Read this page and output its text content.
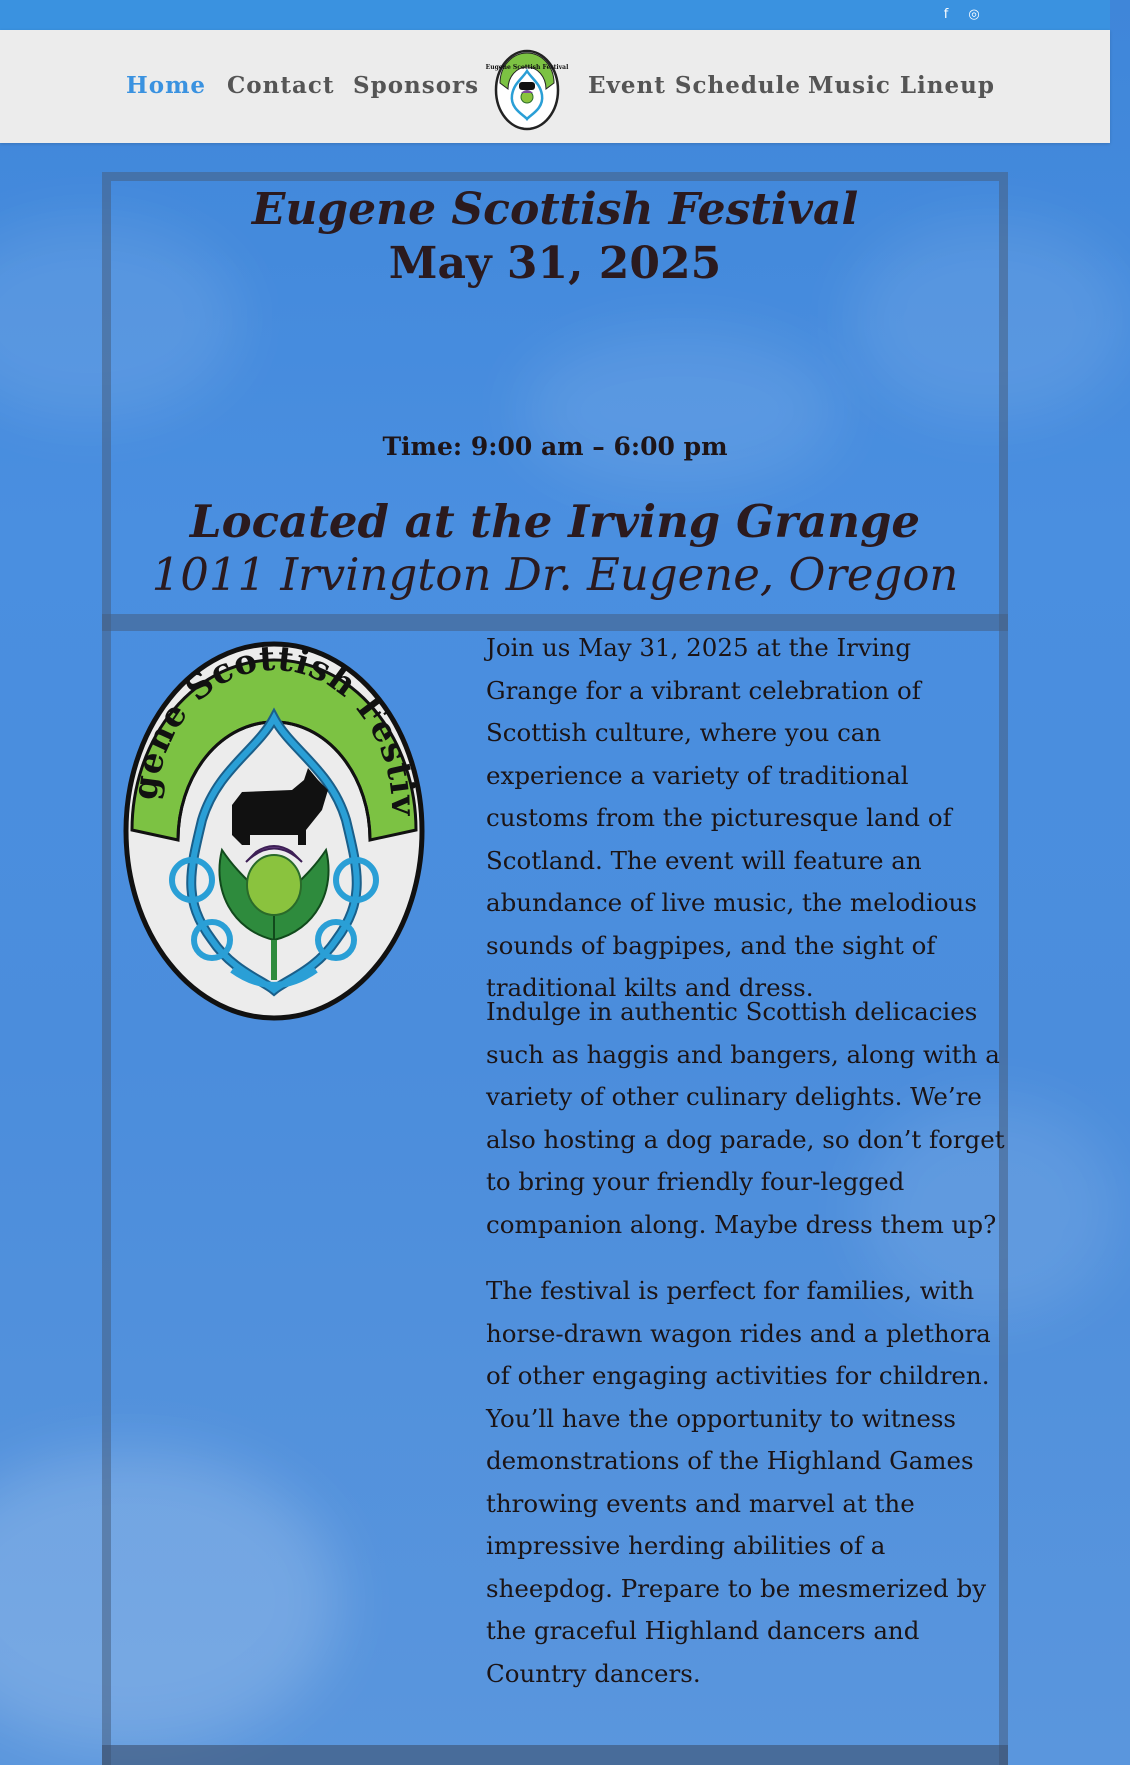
f	◎
Home Contact Sponsors
Eugene Scottish Festival
Event Schedule Music Lineup
Eugene Scottish Festival
May 31, 2025
Time: 9:00 am – 6:00 pm
Located at the Irving Grange
1011 Irvington Dr. Eugene, Oregon
gene Scottish Festiv

Join us May 31, 2025 at the Irving Grange for a vibrant celebration of Scottish culture, where you can experience a variety of traditional customs from the picturesque land of Scotland. The event will feature an abundance of live music, the melodious sounds of bagpipes, and the sight of traditional kilts and dress.

Indulge in authentic Scottish delicacies such as haggis and bangers, along with a variety of other culinary delights. We’re also hosting a dog parade, so don’t forget to bring your friendly four-legged companion along. Maybe dress them up?

The festival is perfect for families, with horse-drawn wagon rides and a plethora of other engaging activities for children. You’ll have the opportunity to witness demonstrations of the Highland Games throwing events and marvel at the impressive herding abilities of a sheepdog. Prepare to be mesmerized by the graceful Highland dancers and Country dancers.
